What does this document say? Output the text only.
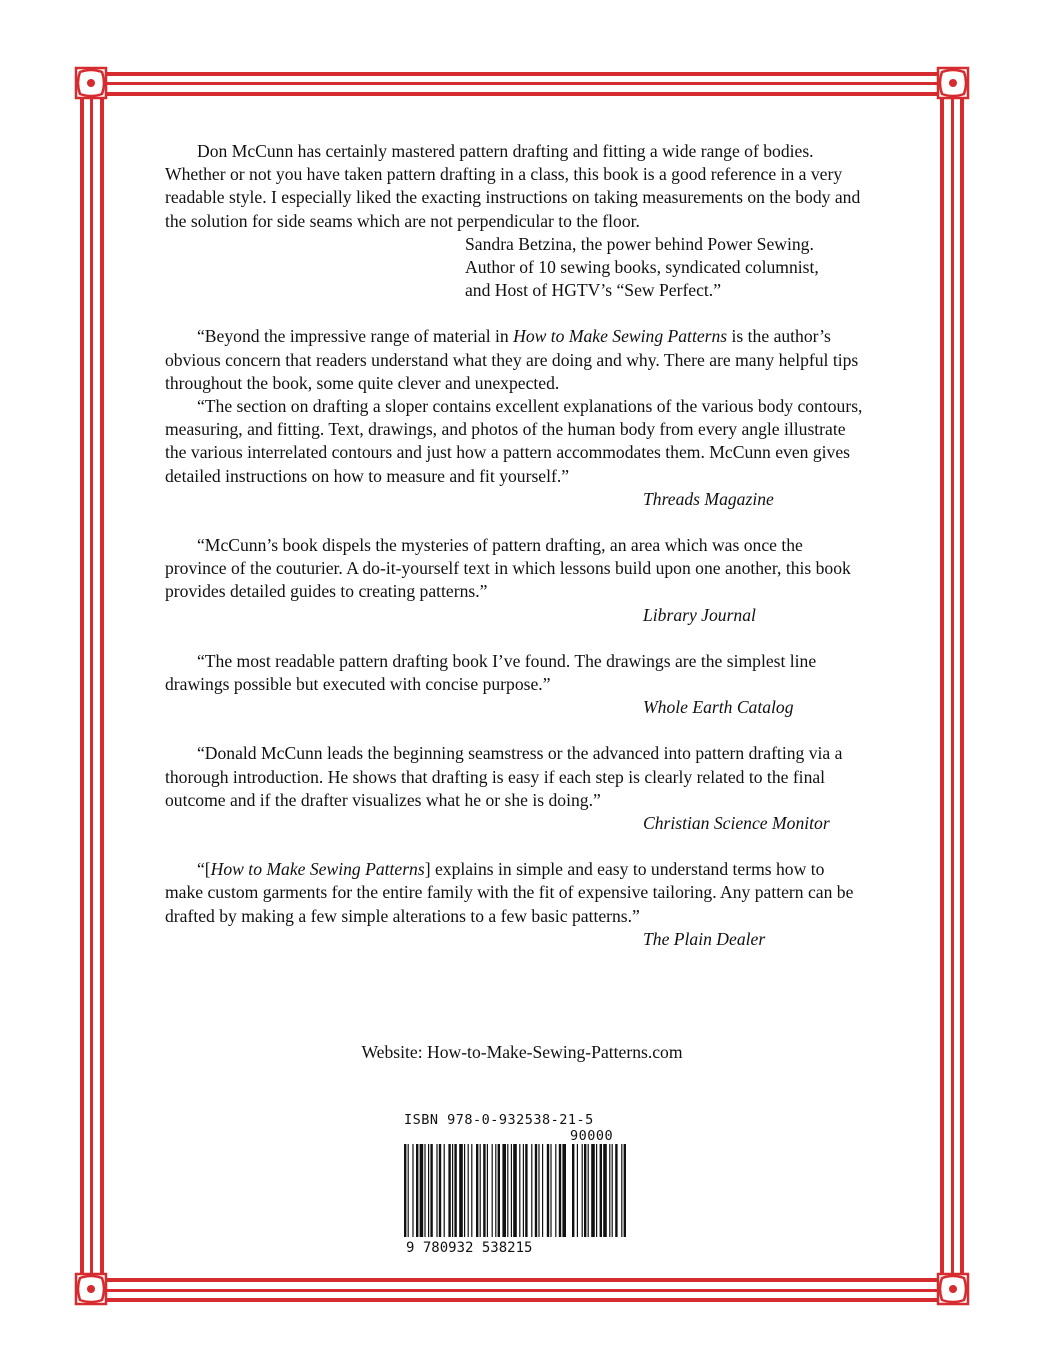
Don McCunn has certainly mastered pattern drafting and fitting a wide range of bodies. Whether or not you have taken pattern drafting in a class, this book is a good reference in a very readable style. I especially liked the exacting instructions on taking measurements on the body and the solution for side seams which are not perpendicular to the floor.

Sandra Betzina, the power behind Power Sewing.
Author of 10 sewing books, syndicated columnist,
and Host of HGTV’s “Sew Perfect.”

“Beyond the impressive range of material in How to Make Sewing Patterns is the author’s obvious concern that readers understand what they are doing and why. There are many helpful tips throughout the book, some quite clever and unexpected.

“The section on drafting a sloper contains excellent explanations of the various body contours, measuring, and fitting. Text, drawings, and photos of the human body from every angle illustrate the various interrelated contours and just how a pattern accommodates them. McCunn even gives detailed instructions on how to measure and fit yourself.”

Threads Magazine

“McCunn’s book dispels the mysteries of pattern drafting, an area which was once the province of the couturier. A do-it-yourself text in which lessons build upon one another, this book provides detailed guides to creating patterns.”

Library Journal

“The most readable pattern drafting book I’ve found. The drawings are the simplest line drawings possible but executed with concise purpose.”

Whole Earth Catalog

“Donald McCunn leads the beginning seamstress or the advanced into pattern drafting via a thorough introduction. He shows that drafting is easy if each step is clearly related to the final outcome and if the drafter visualizes what he or she is doing.”

Christian Science Monitor

“[How to Make Sewing Patterns] explains in simple and easy to understand terms how to make custom garments for the entire family with the fit of expensive tailoring. Any pattern can be drafted by making a few simple alterations to a few basic patterns.”

The Plain Dealer
Website: How-to-Make-Sewing-Patterns.com
ISBN 978-0-932538-21-5
90000
9 780932 538215
